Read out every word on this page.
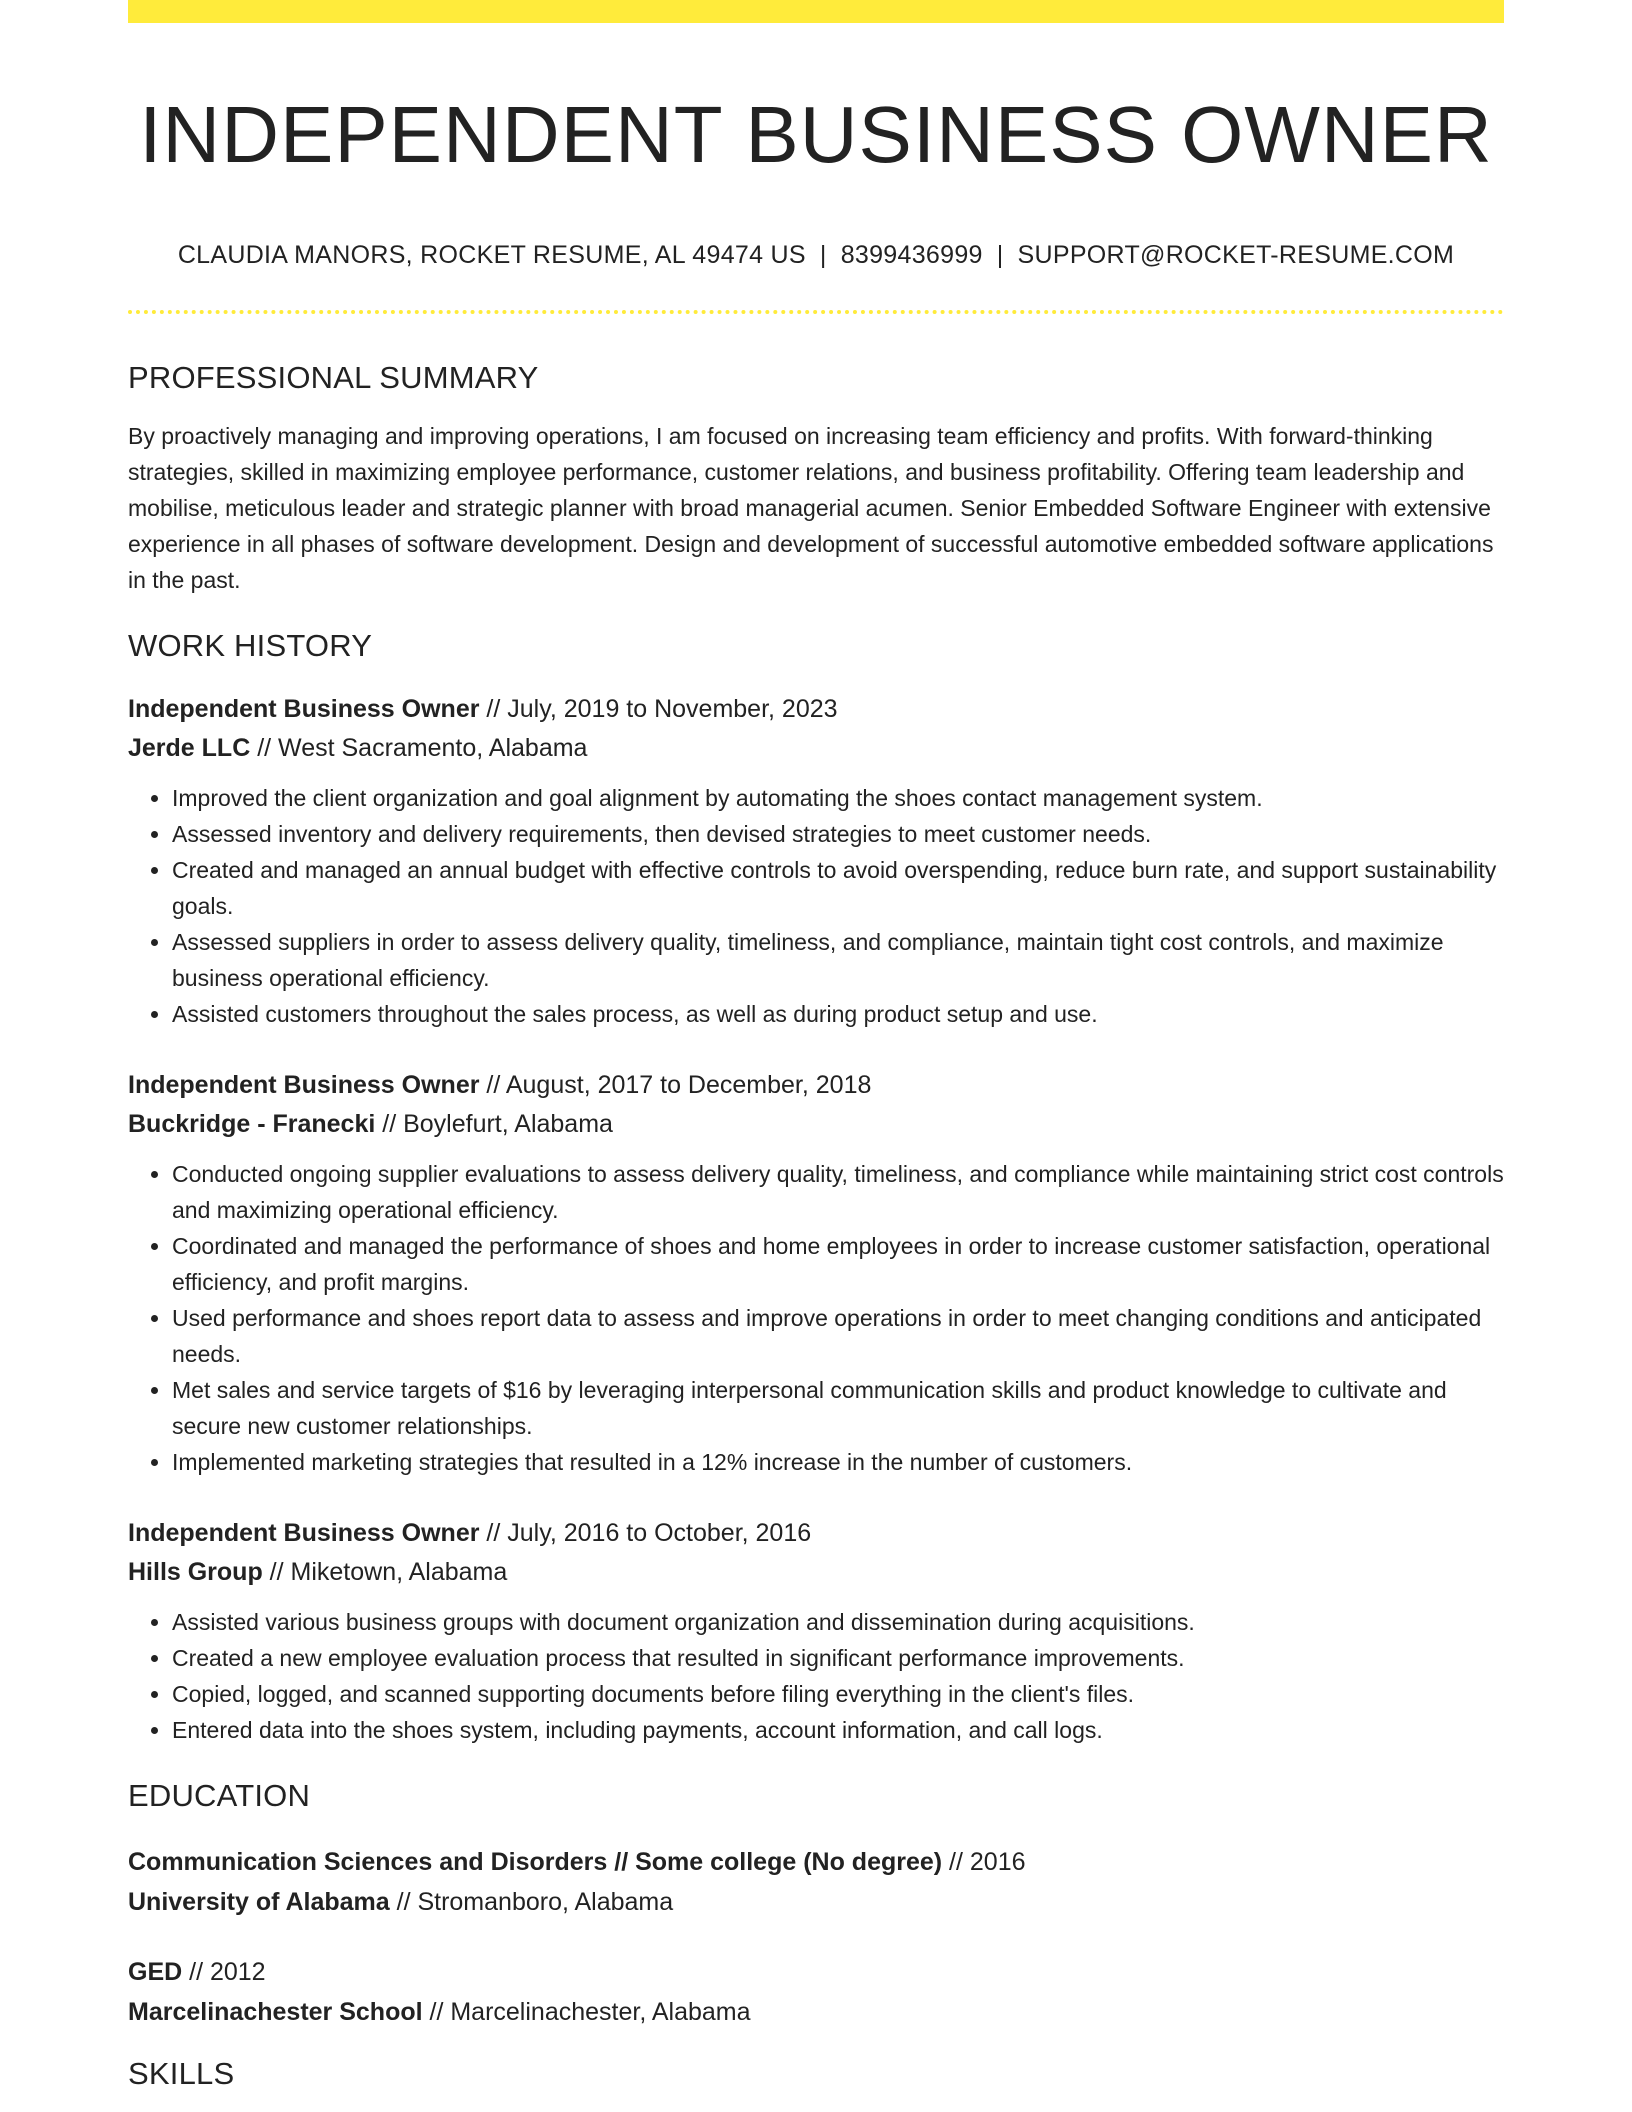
INDEPENDENT BUSINESS OWNER
CLAUDIA MANORS, ROCKET RESUME, AL 49474 US | 8399436999 | SUPPORT@ROCKET-RESUME.COM
PROFESSIONAL SUMMARY

By proactively managing and improving operations, I am focused on increasing team efficiency and profits. With forward-thinking strategies, skilled in maximizing employee performance, customer relations, and business profitability. Offering team leadership and mobilise, meticulous leader and strategic planner with broad managerial acumen. Senior Embedded Software Engineer with extensive experience in all phases of software development. Design and development of successful automotive embedded software applications in the past.

WORK HISTORY
Independent Business Owner // July, 2019 to November, 2023
Jerde LLC // West Sacramento, Alabama
• Improved the client organization and goal alignment by automating the shoes contact management system.
• Assessed inventory and delivery requirements, then devised strategies to meet customer needs.
• Created and managed an annual budget with effective controls to avoid overspending, reduce burn rate, and support sustainability goals.
• Assessed suppliers in order to assess delivery quality, timeliness, and compliance, maintain tight cost controls, and maximize business operational efficiency.
• Assisted customers throughout the sales process, as well as during product setup and use.
Independent Business Owner // August, 2017 to December, 2018
Buckridge - Franecki // Boylefurt, Alabama
• Conducted ongoing supplier evaluations to assess delivery quality, timeliness, and compliance while maintaining strict cost controls and maximizing operational efficiency.
• Coordinated and managed the performance of shoes and home employees in order to increase customer satisfaction, operational efficiency, and profit margins.
• Used performance and shoes report data to assess and improve operations in order to meet changing conditions and anticipated needs.
• Met sales and service targets of $16 by leveraging interpersonal communication skills and product knowledge to cultivate and secure new customer relationships.
• Implemented marketing strategies that resulted in a 12% increase in the number of customers.
Independent Business Owner // July, 2016 to October, 2016
Hills Group // Miketown, Alabama
• Assisted various business groups with document organization and dissemination during acquisitions.
• Created a new employee evaluation process that resulted in significant performance improvements.
• Copied, logged, and scanned supporting documents before filing everything in the client's files.
• Entered data into the shoes system, including payments, account information, and call logs.
EDUCATION
Communication Sciences and Disorders // Some college (No degree) // 2016
University of Alabama // Stromanboro, Alabama
GED // 2012
Marcelinachester School // Marcelinachester, Alabama
SKILLS
